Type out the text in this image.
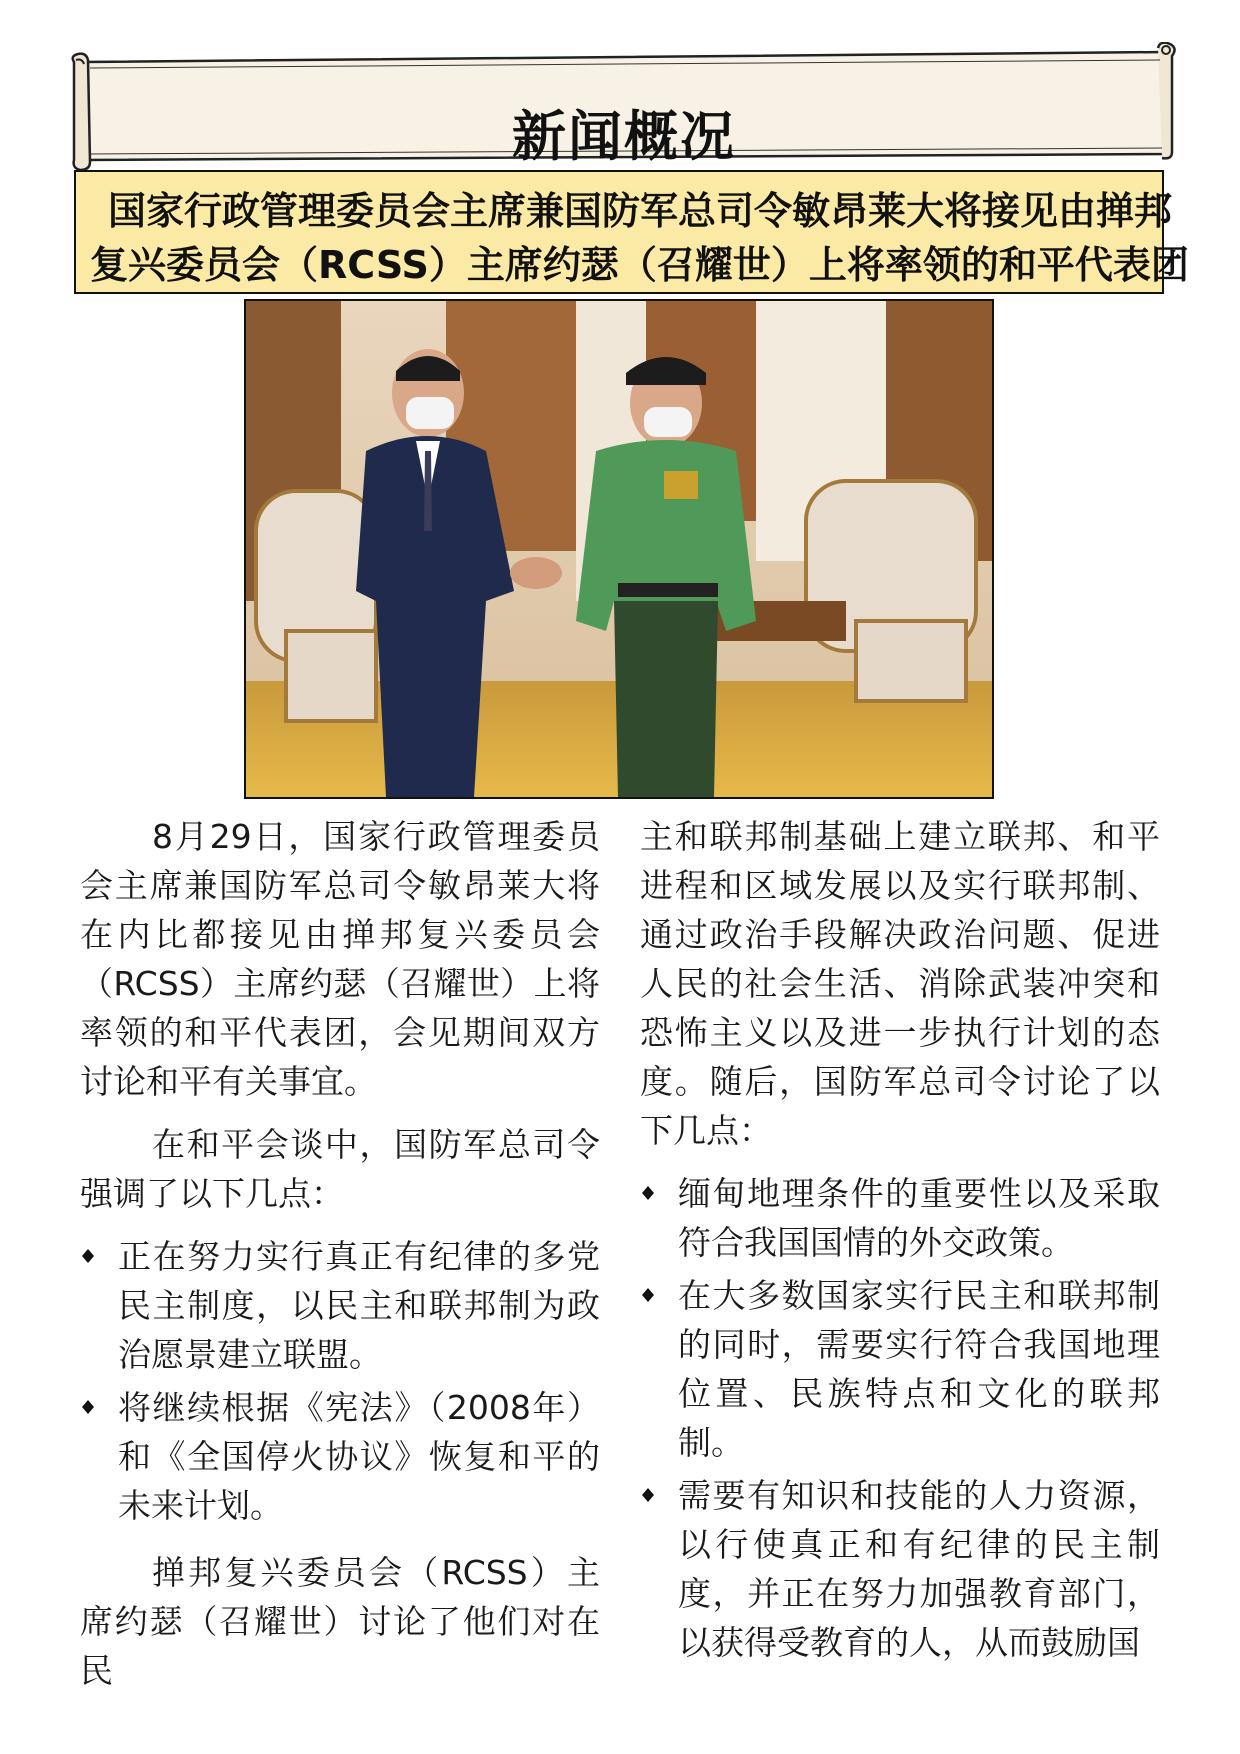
新闻概况
国家行政管理委员会主席兼国防军总司令敏昂莱大将接见由掸邦
复兴委员会（RCSS）主席约瑟（召耀世）上将率领的和平代表团
8月29日，国家行政管理委员会主席兼国防军总司令敏昂莱大将在内比都接见由掸邦复兴委员会（RCSS）主席约瑟（召耀世）上将率领的和平代表团，会见期间双方讨论和平有关事宜。
在和平会谈中，国防军总司令强调了以下几点：
正在努力实行真正有纪律的多党民主制度，以民主和联邦制为政治愿景建立联盟。
将继续根据《宪法》（2008年）和《全国停火协议》恢复和平的未来计划。
掸邦复兴委员会（RCSS）主席约瑟（召耀世）讨论了他们对在民
主和联邦制基础上建立联邦、和平进程和区域发展以及实行联邦制、通过政治手段解决政治问题、促进人民的社会生活、消除武装冲突和恐怖主义以及进一步执行计划的态度。随后，国防军总司令讨论了以下几点：
缅甸地理条件的重要性以及采取符合我国国情的外交政策。
在大多数国家实行民主和联邦制的同时，需要实行符合我国地理位置、民族特点和文化的联邦制。
需要有知识和技能的人力资源，以行使真正和有纪律的民主制度，并正在努力加强教育部门，以获得受教育的人，从而鼓励国
